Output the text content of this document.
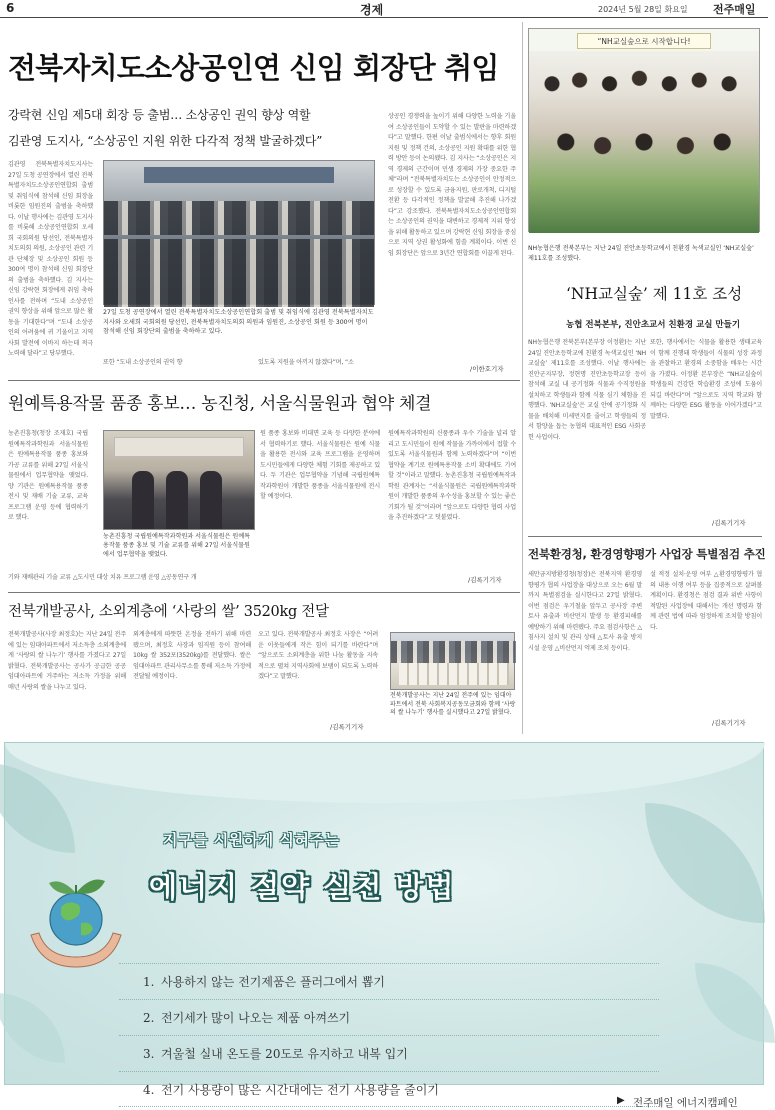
6	경제	2024년 5월 28일 화요일 전주매일
전북자치도소상공인연 신임 회장단 취임
강락현 신임 제5대 회장 등 출범… 소상공인 권익 향상 역할
김관영 도지사, “소상공인 지원 위한 다각적 정책 발굴하겠다”
김관영 전북특별자치도지사는 27일 도청 공연장에서 열린 전북특별자치도소상공인연합회 출범 및 취임식에 참석해 신임 회장을 비롯한 임원진의 출범을 축하했다. 이날 행사에는 김관영 도지사를 비롯해 소상공인연합회 오세희 국회의원 당선인, 전북특별자치도의회 의원, 소상공인 관련 기관 단체장 및 소상공인 회원 등 300여 명이 참석해 신임 회장단의 출범을 축하했다. 김 지사는 신임 강락현 회장에게 취임 축하인사를 전하며 “도내 소상공인 권익 향상을 위해 앞으로 많은 활동을 기대한다”며 “도내 소상공인의 어려움에 귀 기울이고 지역사회 발전에 이바지 하는데 적극 노력해 달라”고 당부했다.
27일 도청 공연장에서 열린 전북특별자치도소상공인연합회 출범 및 취임식에 김관영 전북특별자치도지사와 오세희 국회의원 당선인, 전북특별자치도의회 의원과 임원진, 소상공인 회원 등 300여 명이 참석해 신임 회장단의 출범을 축하하고 있다.
또한 “도내 소상공인의 권익 향	있도록 지원을 아끼지 않겠다”며, “소
상공인 경쟁력을 높이기 위해 다양한 노력을 기울여 소상공인들이 도약할 수 있는 발판을 마련하겠다”고 말했다. 한편 이날 출범식에서는 향후 회원 지원 및 정책 건의, 소상공인 지원 확대를 위한 협력 방안 등이 논의됐다. 김 지사는 “소상공인은 지역 경제의 근간이며 민생 경제의 가장 중요한 주체”라며 “전북특별자치도는 소상공인이 안정적으로 성장할 수 있도록 금융지원, 판로개척, 디지털 전환 등 다각적인 정책을 발굴해 추진해 나가겠다”고 강조했다. 전북특별자치도소상공인연합회는 소상공인의 권익을 대변하고 경제적 지위 향상을 위해 활동하고 있으며 강락현 신임 회장을 중심으로 지역 상권 활성화에 힘쓸 계획이다. 이번 신임 회장단은 앞으로 3년간 연합회를 이끌게 된다.
/이한호기자
원예특용작물 품종 홍보… 농진청, 서울식물원과 협약 체결
농촌진흥청(청장 조재호) 국립원예특작과학원과 서울식물원은 원예특용작물 품종 홍보와 가공 교류를 위해 27일 서울식물원에서 업무협약을 맺었다. 양 기관은 원예특용작물 품종 전시 및 재배 기술 교류, 교육 프로그램 운영 등에 협력하기로 했다.
농촌진흥청 국립원예특작과학원과 서울식물원은 원예특용작물 품종 홍보 및 기술 교류를 위해 27일 서울식물원에서 업무협약을 맺었다.
기와 재배관리 기술 교류 △도시민 대상 치유 프로그램 운영 △공동연구 개
원 품종 홍보와 비대면 교육 등 다양한 분야에서 협력하기로 했다. 서울식물원은 원예 식물을 활용한 전시와 교육 프로그램을 운영하며 도시민들에게 다양한 체험 기회를 제공하고 있다. 두 기관은 업무협약을 기념해 국립원예특작과학원이 개발한 품종을 서울식물원에 전시할 예정이다.
원예특작과학원의 신품종과 우수 기술을 널리 알리고 도시민들이 원예 작물을 가까이에서 접할 수 있도록 서울식물원과 함께 노력하겠다”며 “이번 협약을 계기로 원예특용작물 소비 확대에도 기여할 것”이라고 말했다. 농촌진흥청 국립원예특작과학원 관계자는 “서울식물원은 국립원예특작과학원이 개발한 품종의 우수성을 홍보할 수 있는 좋은 기회가 될 것”이라며 “앞으로도 다양한 협력 사업을 추진하겠다”고 덧붙였다.
/김록기기자
전북개발공사, 소외계층에 ‘사랑의 쌀’ 3520kg 전달
전북개발공사(사장 최정호)는 지난 24일 전주에 있는 임대아파트에서 저소득층 소외계층에게 ‘사랑의 쌀 나누기’ 행사를 가졌다고 27일 밝혔다. 전북개발공사는 공사가 공급한 공공임대아파트에 거주하는 저소득 가정을 위해 매년 사랑의 쌀을 나누고 있다.
외계층에게 따뜻한 온정을 전하기 위해 마련됐으며, 최정호 사장과 임직원 등이 참여해 10kg 쌀 352포(3520kg)를 전달했다. 쌀은 임대아파트 관리사무소를 통해 저소득 가정에 전달될 예정이다.
오고 있다. 전북개발공사 최정호 사장은 “어려운 이웃들에게 작은 힘이 되기를 바란다”며 “앞으로도 소외계층을 위한 나눔 활동을 지속적으로 펼쳐 지역사회에 보탬이 되도록 노력하겠다”고 말했다.
전북개발공사는 지난 24일 전주에 있는 임대아파트에서 전북 사회복지공동모금회와 함께 ‘사랑의 쌀 나누기’ 행사를 실시했다고 27일 밝혔다.
/김록기기자
“NH교실숲으로 시작합니다!
NH농협은행 전북본부는 지난 24일 진안초등학교에서 친환경 녹색교실인 ‘NH교실숲’ 제11호를 조성했다.
‘NH교실숲’ 제 11호 조성
농협 전북본부, 진안초교서 친환경 교실 만들기
NH농협은행 전북본부(본부장 이정환)는 지난 24일 진안초등학교에 친환경 녹색교실인 ‘NH교실숲’ 제11호를 조성했다. 이날 행사에는 진안군지부장, 정현명 진안초등학교장 등이 참석해 교실 내 공기정화 식물과 수직정원을 설치하고 학생들과 함께 식물 심기 체험을 진행했다. ‘NH교실숲’은 교실 안에 공기정화 식물을 배치해 미세먼지를 줄이고 학생들의 정서 함양을 돕는 농협의 대표적인 ESG 사회공헌 사업이다.
또한, 행사에서는 식물을 활용한 생태교육이 함께 진행돼 학생들이 식물의 성장 과정을 관찰하고 환경의 소중함을 배우는 시간을 가졌다. 이정환 본부장은 “NH교실숲이 학생들의 건강한 학습환경 조성에 도움이 되길 바란다”며 “앞으로도 지역 학교와 함께하는 다양한 ESG 활동을 이어가겠다”고 말했다.
/김록기기자
전북환경청, 환경영향평가 사업장 특별점검 추진
새만금지방환경청(청장)은 전북지역 환경영향평가 협의 사업장을 대상으로 오는 6월 말까지 특별점검을 실시한다고 27일 밝혔다. 이번 점검은 우기철을 앞두고 공사장 주변 토사 유출과 비산먼지 발생 등 환경피해를 예방하기 위해 마련됐다. 주요 점검사항은 △침사지 설치 및 관리 상태 △토사 유출 방지시설 운영 △비산먼지 억제 조치 등이다.
설 적정 설치·운영 여부 △환경영향평가 협의 내용 이행 여부 등을 집중적으로 살펴볼 계획이다. 환경청은 점검 결과 위반 사항이 적발된 사업장에 대해서는 개선 명령과 함께 관련 법에 따라 엄정하게 조치할 방침이다.
/김록기기자
지구를 시원하게 식혀주는
에너지 절약 실천 방법
1. 사용하지 않는 전기제품은 플러그에서 뽑기
2. 전기세가 많이 나오는 제품 아껴쓰기
3. 겨울철 실내 온도를 20도로 유지하고 내복 입기
4. 전기 사용량이 많은 시간대에는 전기 사용량을 줄이기
▶ 전주매일 에너지캠페인
